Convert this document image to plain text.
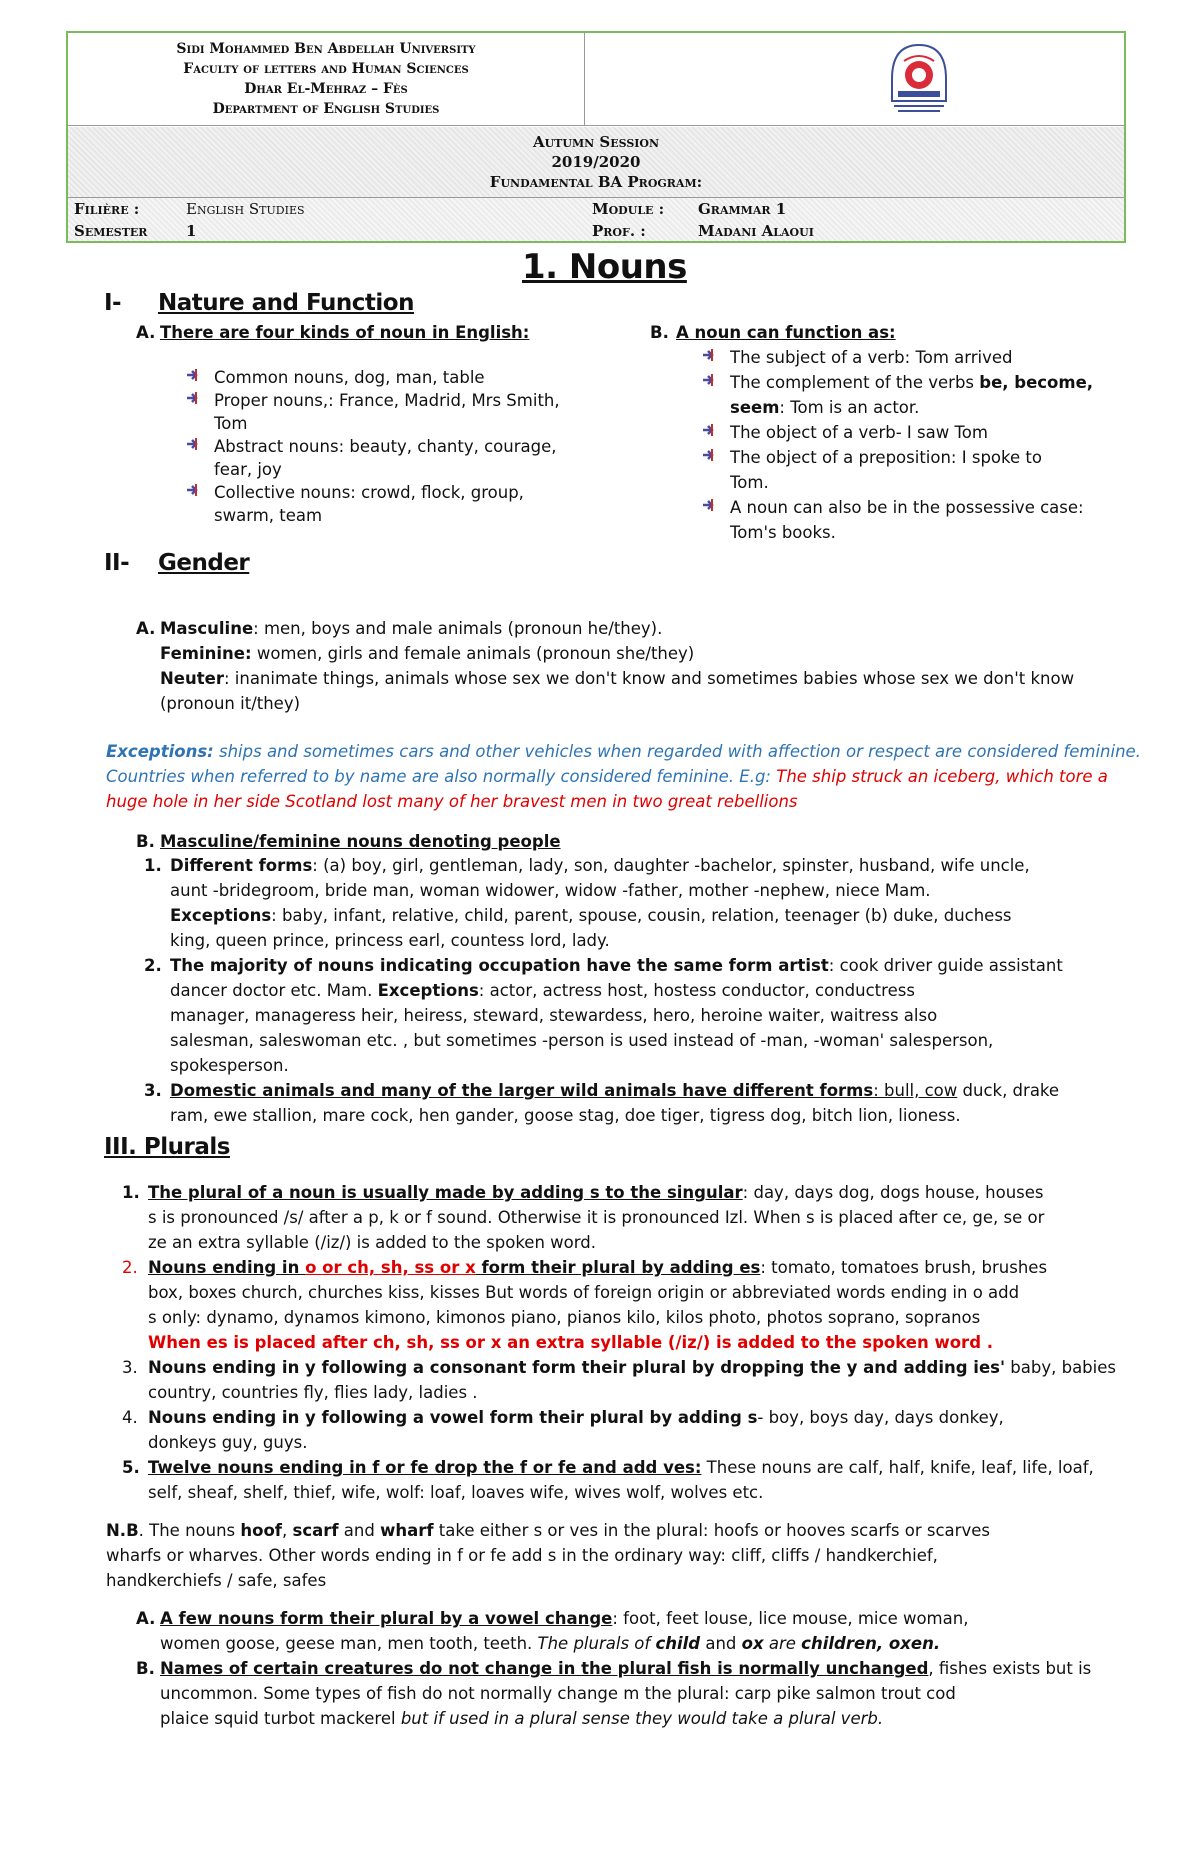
Sidi Mohammed Ben Abdellah University
Faculty of letters and Human Sciences
Dhar El-Mehraz – Fès
Department of English Studies
Autumn Session
2019/2020
Fundamental BA Program:
Filière :	English Studies	Module : Grammar 1
Semester	1	Prof. :	Madani Alaoui
1. Nouns
I- Nature and Function
A. There are four kinds of noun in English:
Common nouns, dog, man, table
Proper nouns,: France, Madrid, Mrs Smith,
Tom
Abstract nouns: beauty, chanty, courage,
fear, joy
Collective nouns: crowd, flock, group,
swarm, team
B. A noun can function as:
The subject of a verb: Tom arrived
The complement of the verbs be, become,
seem: Tom is an actor.
The object of a verb- I saw Tom
The object of a preposition: I spoke to
Tom.
A noun can also be in the possessive case:
Tom's books.
II- Gender
A. Masculine: men, boys and male animals (pronoun he/they).
Feminine: women, girls and female animals (pronoun she/they)
Neuter: inanimate things, animals whose sex we don't know and sometimes babies whose sex we don't know
(pronoun it/they)
Exceptions: ships and sometimes cars and other vehicles when regarded with affection or respect are considered feminine.
Countries when referred to by name are also normally considered feminine. E.g: The ship struck an iceberg, which tore a
huge hole in her side Scotland lost many of her bravest men in two great rebellions
B. Masculine/feminine nouns denoting people
1. Different forms: (a) boy, girl, gentleman, lady, son, daughter -bachelor, spinster, husband, wife uncle,
aunt -bridegroom, bride man, woman widower, widow -father, mother -nephew, niece Mam.
Exceptions: baby, infant, relative, child, parent, spouse, cousin, relation, teenager (b) duke, duchess
king, queen prince, princess earl, countess lord, lady.
2. The majority of nouns indicating occupation have the same form artist: cook driver guide assistant
dancer doctor etc. Mam. Exceptions: actor, actress host, hostess conductor, conductress
manager, manageress heir, heiress, steward, stewardess, hero, heroine waiter, waitress also
salesman, saleswoman etc. , but sometimes -person is used instead of -man, -woman' salesperson,
spokesperson.
3. Domestic animals and many of the larger wild animals have different forms: bull, cow duck, drake
ram, ewe stallion, mare cock, hen gander, goose stag, doe tiger, tigress dog, bitch lion, lioness.
III. Plurals
1. The plural of a noun is usually made by adding s to the singular: day, days dog, dogs house, houses
s is pronounced /s/ after a p, k or f sound. Otherwise it is pronounced Izl. When s is placed after ce, ge, se or
ze an extra syllable (/iz/) is added to the spoken word.
2. Nouns ending in o or ch, sh, ss or x form their plural by adding es: tomato, tomatoes brush, brushes
box, boxes church, churches kiss, kisses But words of foreign origin or abbreviated words ending in o add
s only: dynamo, dynamos kimono, kimonos piano, pianos kilo, kilos photo, photos soprano, sopranos
When es is placed after ch, sh, ss or x an extra syllable (/iz/) is added to the spoken word .
3. Nouns ending in y following a consonant form their plural by dropping the y and adding ies' baby, babies
country, countries fly, flies lady, ladies .
4. Nouns ending in y following a vowel form their plural by adding s- boy, boys day, days donkey,
donkeys guy, guys.
5. Twelve nouns ending in f or fe drop the f or fe and add ves: These nouns are calf, half, knife, leaf, life, loaf,
self, sheaf, shelf, thief, wife, wolf: loaf, loaves wife, wives wolf, wolves etc.
N.B. The nouns hoof, scarf and wharf take either s or ves in the plural: hoofs or hooves scarfs or scarves
wharfs or wharves. Other words ending in f or fe add s in the ordinary way: cliff, cliffs / handkerchief,
handkerchiefs / safe, safes
A. A few nouns form their plural by a vowel change: foot, feet louse, lice mouse, mice woman,
women goose, geese man, men tooth, teeth. The plurals of child and ox are children, oxen.
B. Names of certain creatures do not change in the plural fish is normally unchanged, fishes exists but is
uncommon. Some types of fish do not normally change m the plural: carp pike salmon trout cod
plaice squid turbot mackerel but if used in a plural sense they would take a plural verb.
